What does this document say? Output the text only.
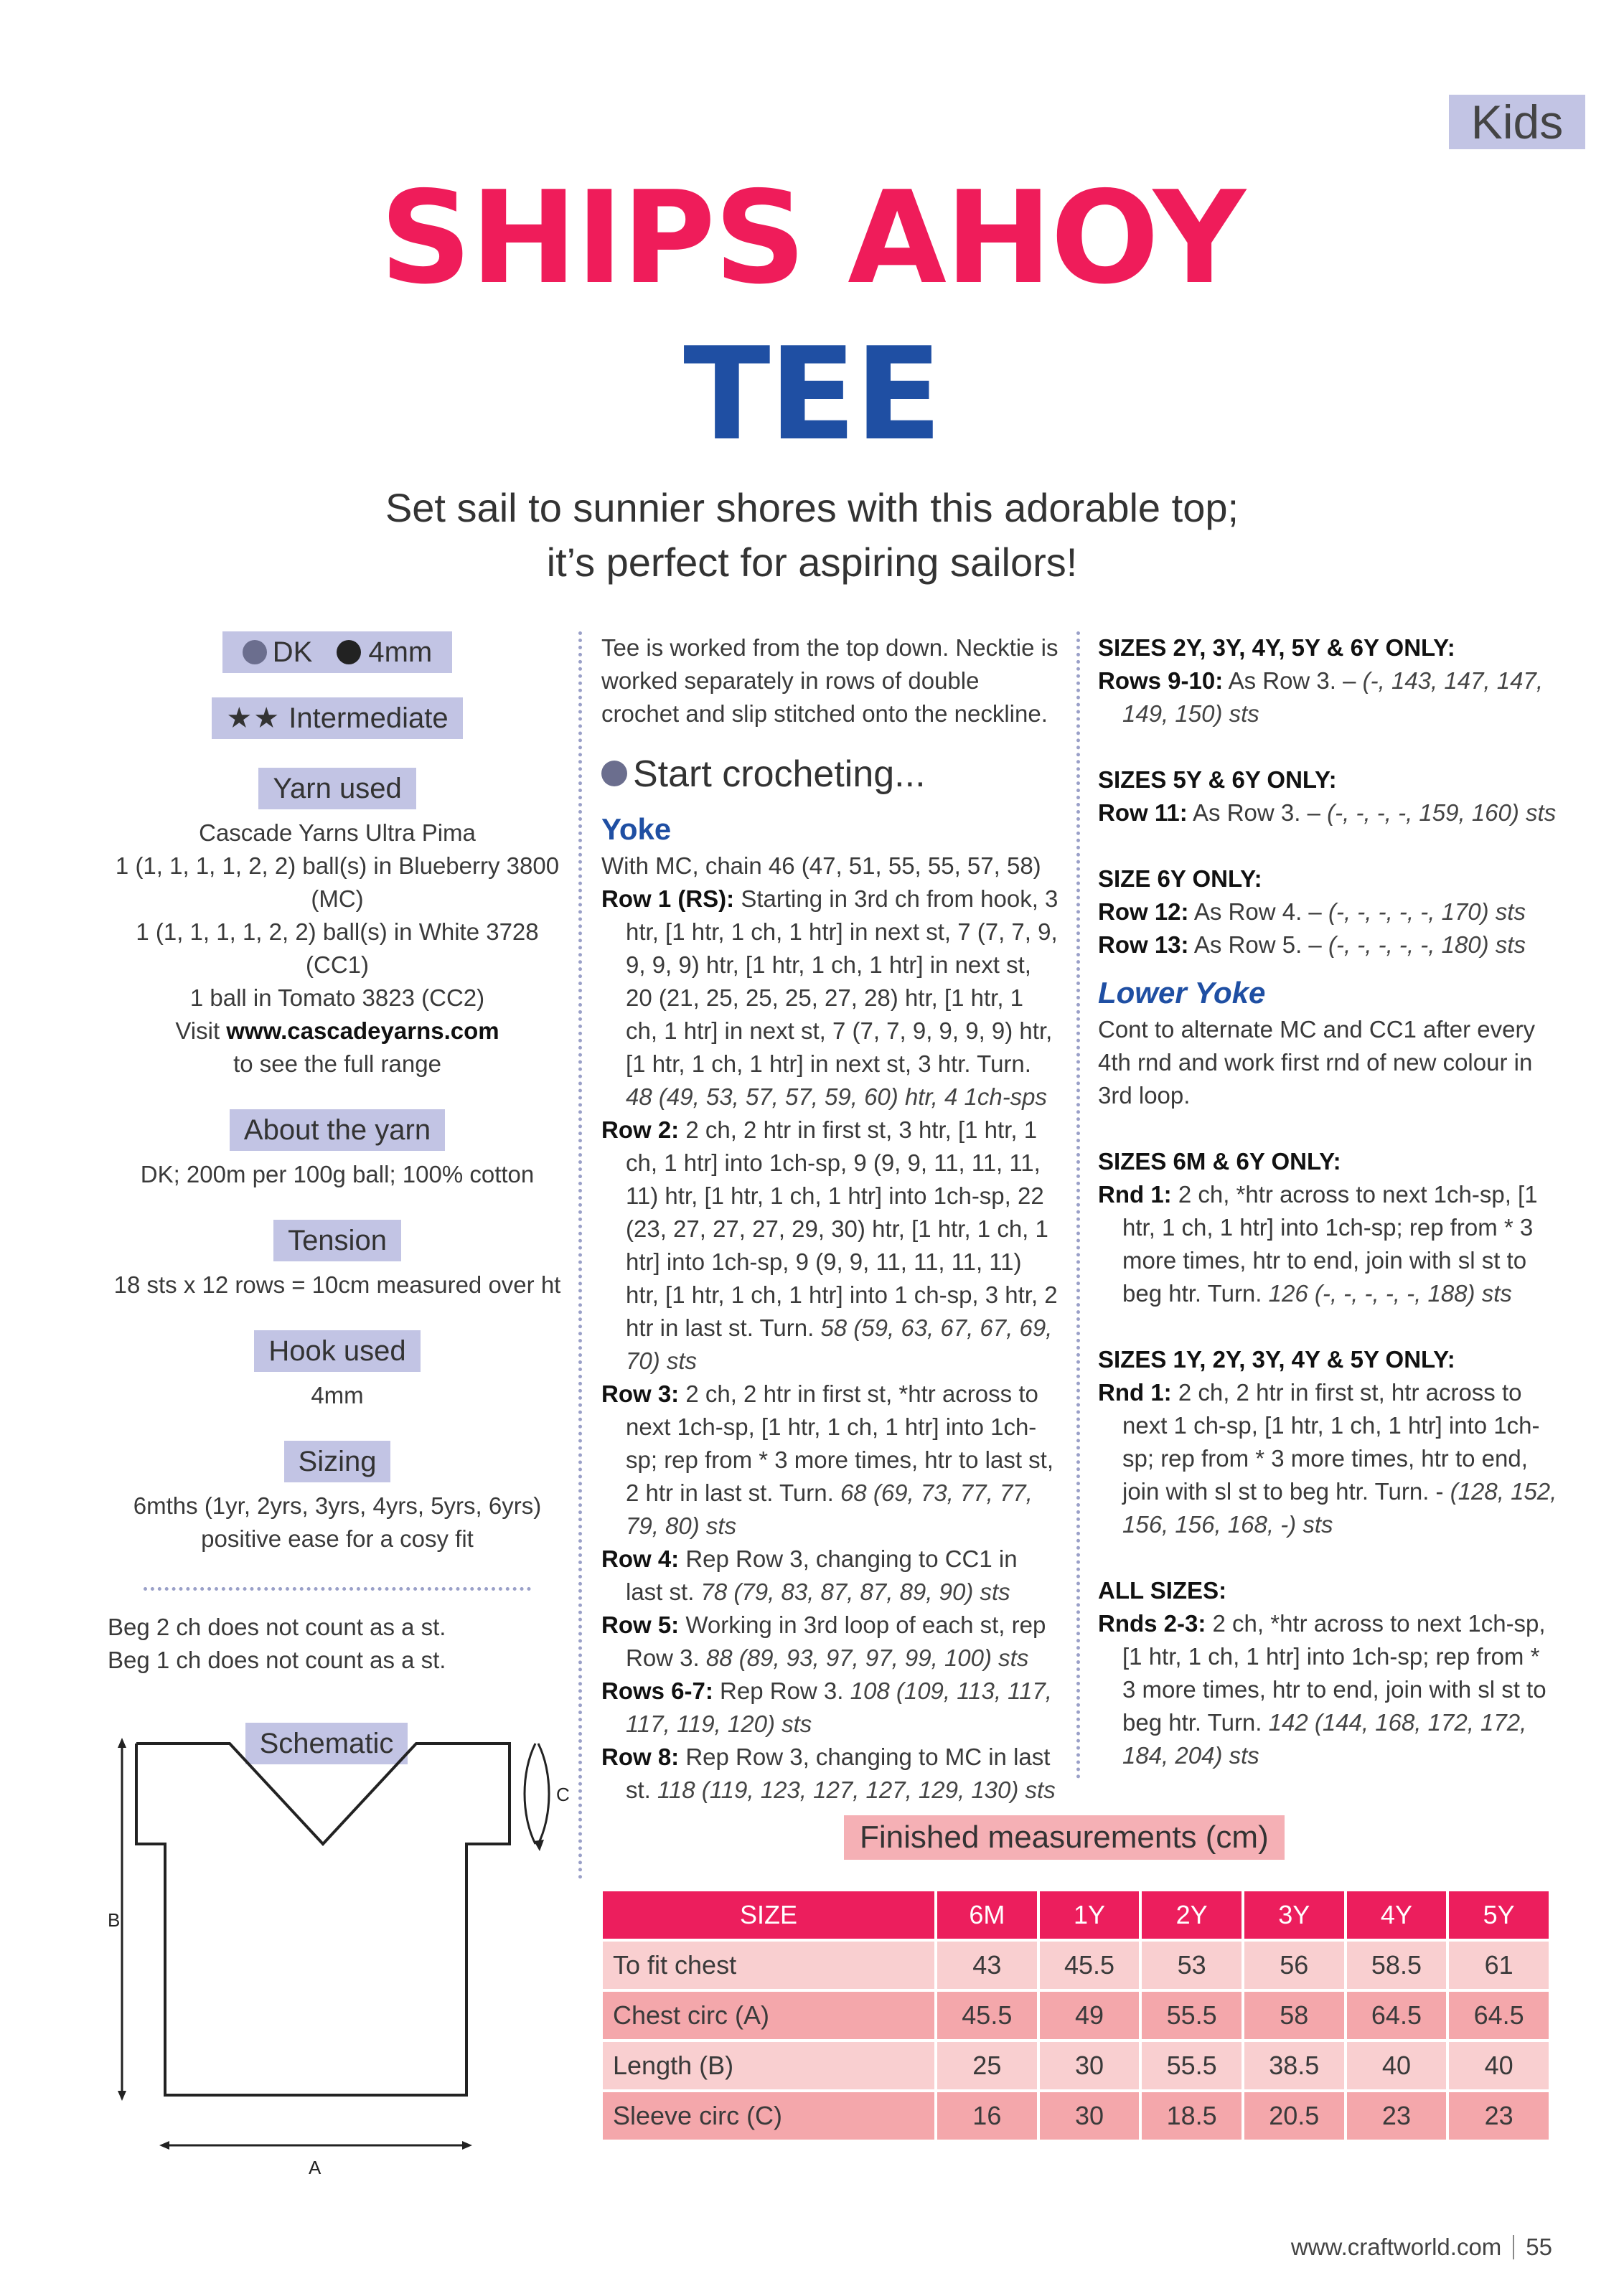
Kids
SHIPS AHOY
TEE
Set sail to sunnier shores with this adorable top;
it’s perfect for aspiring sailors!
DK 4mm
★★ Intermediate
Yarn used
Cascade Yarns Ultra Pima
1 (1, 1, 1, 1, 2, 2) ball(s) in Blueberry 3800 (MC)
1 (1, 1, 1, 1, 2, 2) ball(s) in White 3728 (CC1)
1 ball in Tomato 3823 (CC2)
Visit www.cascadeyarns.com
to see the full range
About the yarn
DK; 200m per 100g ball; 100% cotton
Tension
18 sts x 12 rows = 10cm measured over ht
Hook used
4mm
Sizing
6mths (1yr, 2yrs, 3yrs, 4yrs, 5yrs, 6yrs)
positive ease for a cosy fit
Beg 2 ch does not count as a st.
Beg 1 ch does not count as a st.
Schematic
B
A
C
Tee is worked from the top down. Necktie is worked separately in rows of double crochet and slip stitched onto the neckline.
Start crocheting...
Yoke
With MC, chain 46 (47, 51, 55, 55, 57, 58)
Row 1 (RS): Starting in 3rd ch from hook, 3 htr, [1 htr, 1 ch, 1 htr] in next st, 7 (7, 7, 9, 9, 9, 9) htr, [1 htr, 1 ch, 1 htr] in next st, 20 (21, 25, 25, 25, 27, 28) htr, [1 htr, 1 ch, 1 htr] in next st, 7 (7, 7, 9, 9, 9, 9) htr, [1 htr, 1 ch, 1 htr] in next st, 3 htr. Turn. 48 (49, 53, 57, 57, 59, 60) htr, 4 1ch-sps
Row 2: 2 ch, 2 htr in first st, 3 htr, [1 htr, 1 ch, 1 htr] into 1ch-sp, 9 (9, 9, 11, 11, 11, 11) htr, [1 htr, 1 ch, 1 htr] into 1ch-sp, 22 (23, 27, 27, 27, 29, 30) htr, [1 htr, 1 ch, 1 htr] into 1ch-sp, 9 (9, 9, 11, 11, 11, 11) htr, [1 htr, 1 ch, 1 htr] into 1 ch-sp, 3 htr, 2 htr in last st. Turn. 58 (59, 63, 67, 67, 69, 70) sts
Row 3: 2 ch, 2 htr in first st, *htr across to next 1ch-sp, [1 htr, 1 ch, 1 htr] into 1ch-sp; rep from * 3 more times, htr to last st, 2 htr in last st. Turn. 68 (69, 73, 77, 77, 79, 80) sts
Row 4: Rep Row 3, changing to CC1 in last st. 78 (79, 83, 87, 87, 89, 90) sts
Row 5: Working in 3rd loop of each st, rep Row 3. 88 (89, 93, 97, 97, 99, 100) sts
Rows 6-7: Rep Row 3. 108 (109, 113, 117, 117, 119, 120) sts
Row 8: Rep Row 3, changing to MC in last st. 118 (119, 123, 127, 127, 129, 130) sts
SIZES 2Y, 3Y, 4Y, 5Y & 6Y ONLY:
Rows 9-10: As Row 3. – (-, 143, 147, 147, 149, 150) sts
SIZES 5Y & 6Y ONLY:
Row 11: As Row 3. – (-, -, -, -, 159, 160) sts
SIZE 6Y ONLY:
Row 12: As Row 4. – (-, -, -, -, -, 170) sts
Row 13: As Row 5. – (-, -, -, -, -, 180) sts
Lower Yoke
Cont to alternate MC and CC1 after every 4th rnd and work first rnd of new colour in 3rd loop.
SIZES 6M & 6Y ONLY:
Rnd 1: 2 ch, *htr across to next 1ch-sp, [1 htr, 1 ch, 1 htr] into 1ch-sp; rep from * 3 more times, htr to end, join with sl st to beg htr. Turn. 126 (-, -, -, -, -, 188) sts
SIZES 1Y, 2Y, 3Y, 4Y & 5Y ONLY:
Rnd 1: 2 ch, 2 htr in first st, htr across to next 1 ch-sp, [1 htr, 1 ch, 1 htr] into 1ch-sp; rep from * 3 more times, htr to end, join with sl st to beg htr. Turn. - (128, 152, 156, 156, 168, -) sts
ALL SIZES:
Rnds 2-3: 2 ch, *htr across to next 1ch-sp, [1 htr, 1 ch, 1 htr] into 1ch-sp; rep from * 3 more times, htr to end, join with sl st to beg htr. Turn. 142 (144, 168, 172, 172, 184, 204) sts
Finished measurements (cm)
SIZE	6M	1Y	2Y	3Y	4Y	5Y
To fit chest	43	45.5	53	56	58.5	61
Chest circ (A)	45.5	49	55.5	58	64.5	64.5
Length (B)	25	30	55.5	38.5	40	40
Sleeve circ (C)	16	30	18.5	20.5	23	23
www.craftworld.com 55
